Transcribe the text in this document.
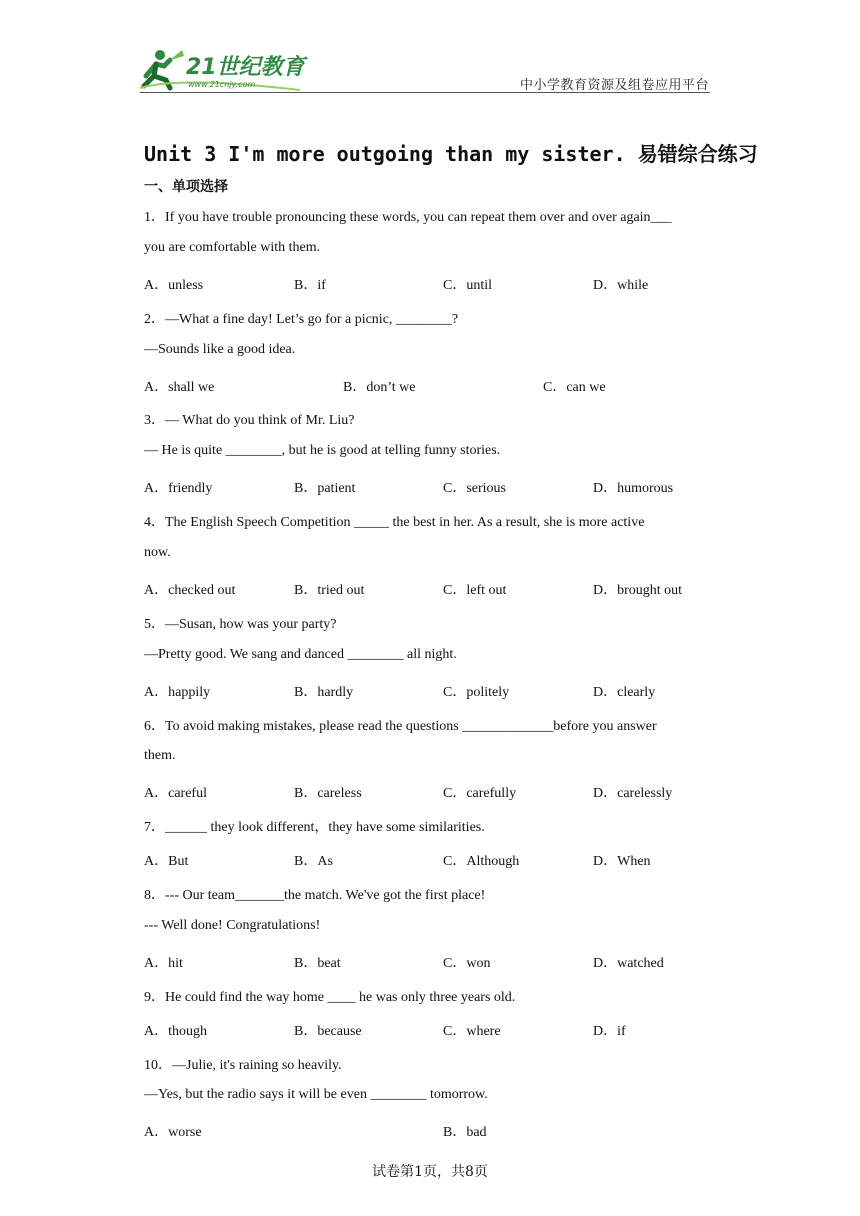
21世纪教育
www.21cnjy.com	中小学教育资源及组卷应用平台
Unit 3 I'm more outgoing than my sister. 易错综合练习
一、单项选择
1．If you have trouble pronouncing these words, you can repeat them over and over again___
you are comfortable with them.
A．unless	B．if	C．until	D．while
2．—What a fine day! Let’s go for a picnic, ________?
—Sounds like a good idea.
A．shall we	B．don’t we	C．can we
3．— What do you think of Mr. Liu?
— He is quite ________, but he is good at telling funny stories.
A．friendly	B．patient	C．serious	D．humorous
4．The English Speech Competition _____ the best in her. As a result, she is more active
now.
A．checked out	B．tried out	C．left out	D．brought out
5．—Susan, how was your party?
—Pretty good. We sang and danced ________ all night.
A．happily	B．hardly	C．politely	D．clearly
6．To avoid making mistakes, please read the questions _____________before you answer
them.
A．careful	B．careless	C．carefully	D．carelessly
7．______ they look different，they have some similarities.
A．But	B．As	C．Although	D．When
8．--- Our team_______the match. We've got the first place!
--- Well done! Congratulations!
A．hit	B．beat	C．won	D．watched
9．He could find the way home ____ he was only three years old.
A．though	B．because	C．where	D．if
10．—Julie, it's raining so heavily.
—Yes, but the radio says it will be even ________ tomorrow.
A．worse	B．bad
试卷第1页，共8页
